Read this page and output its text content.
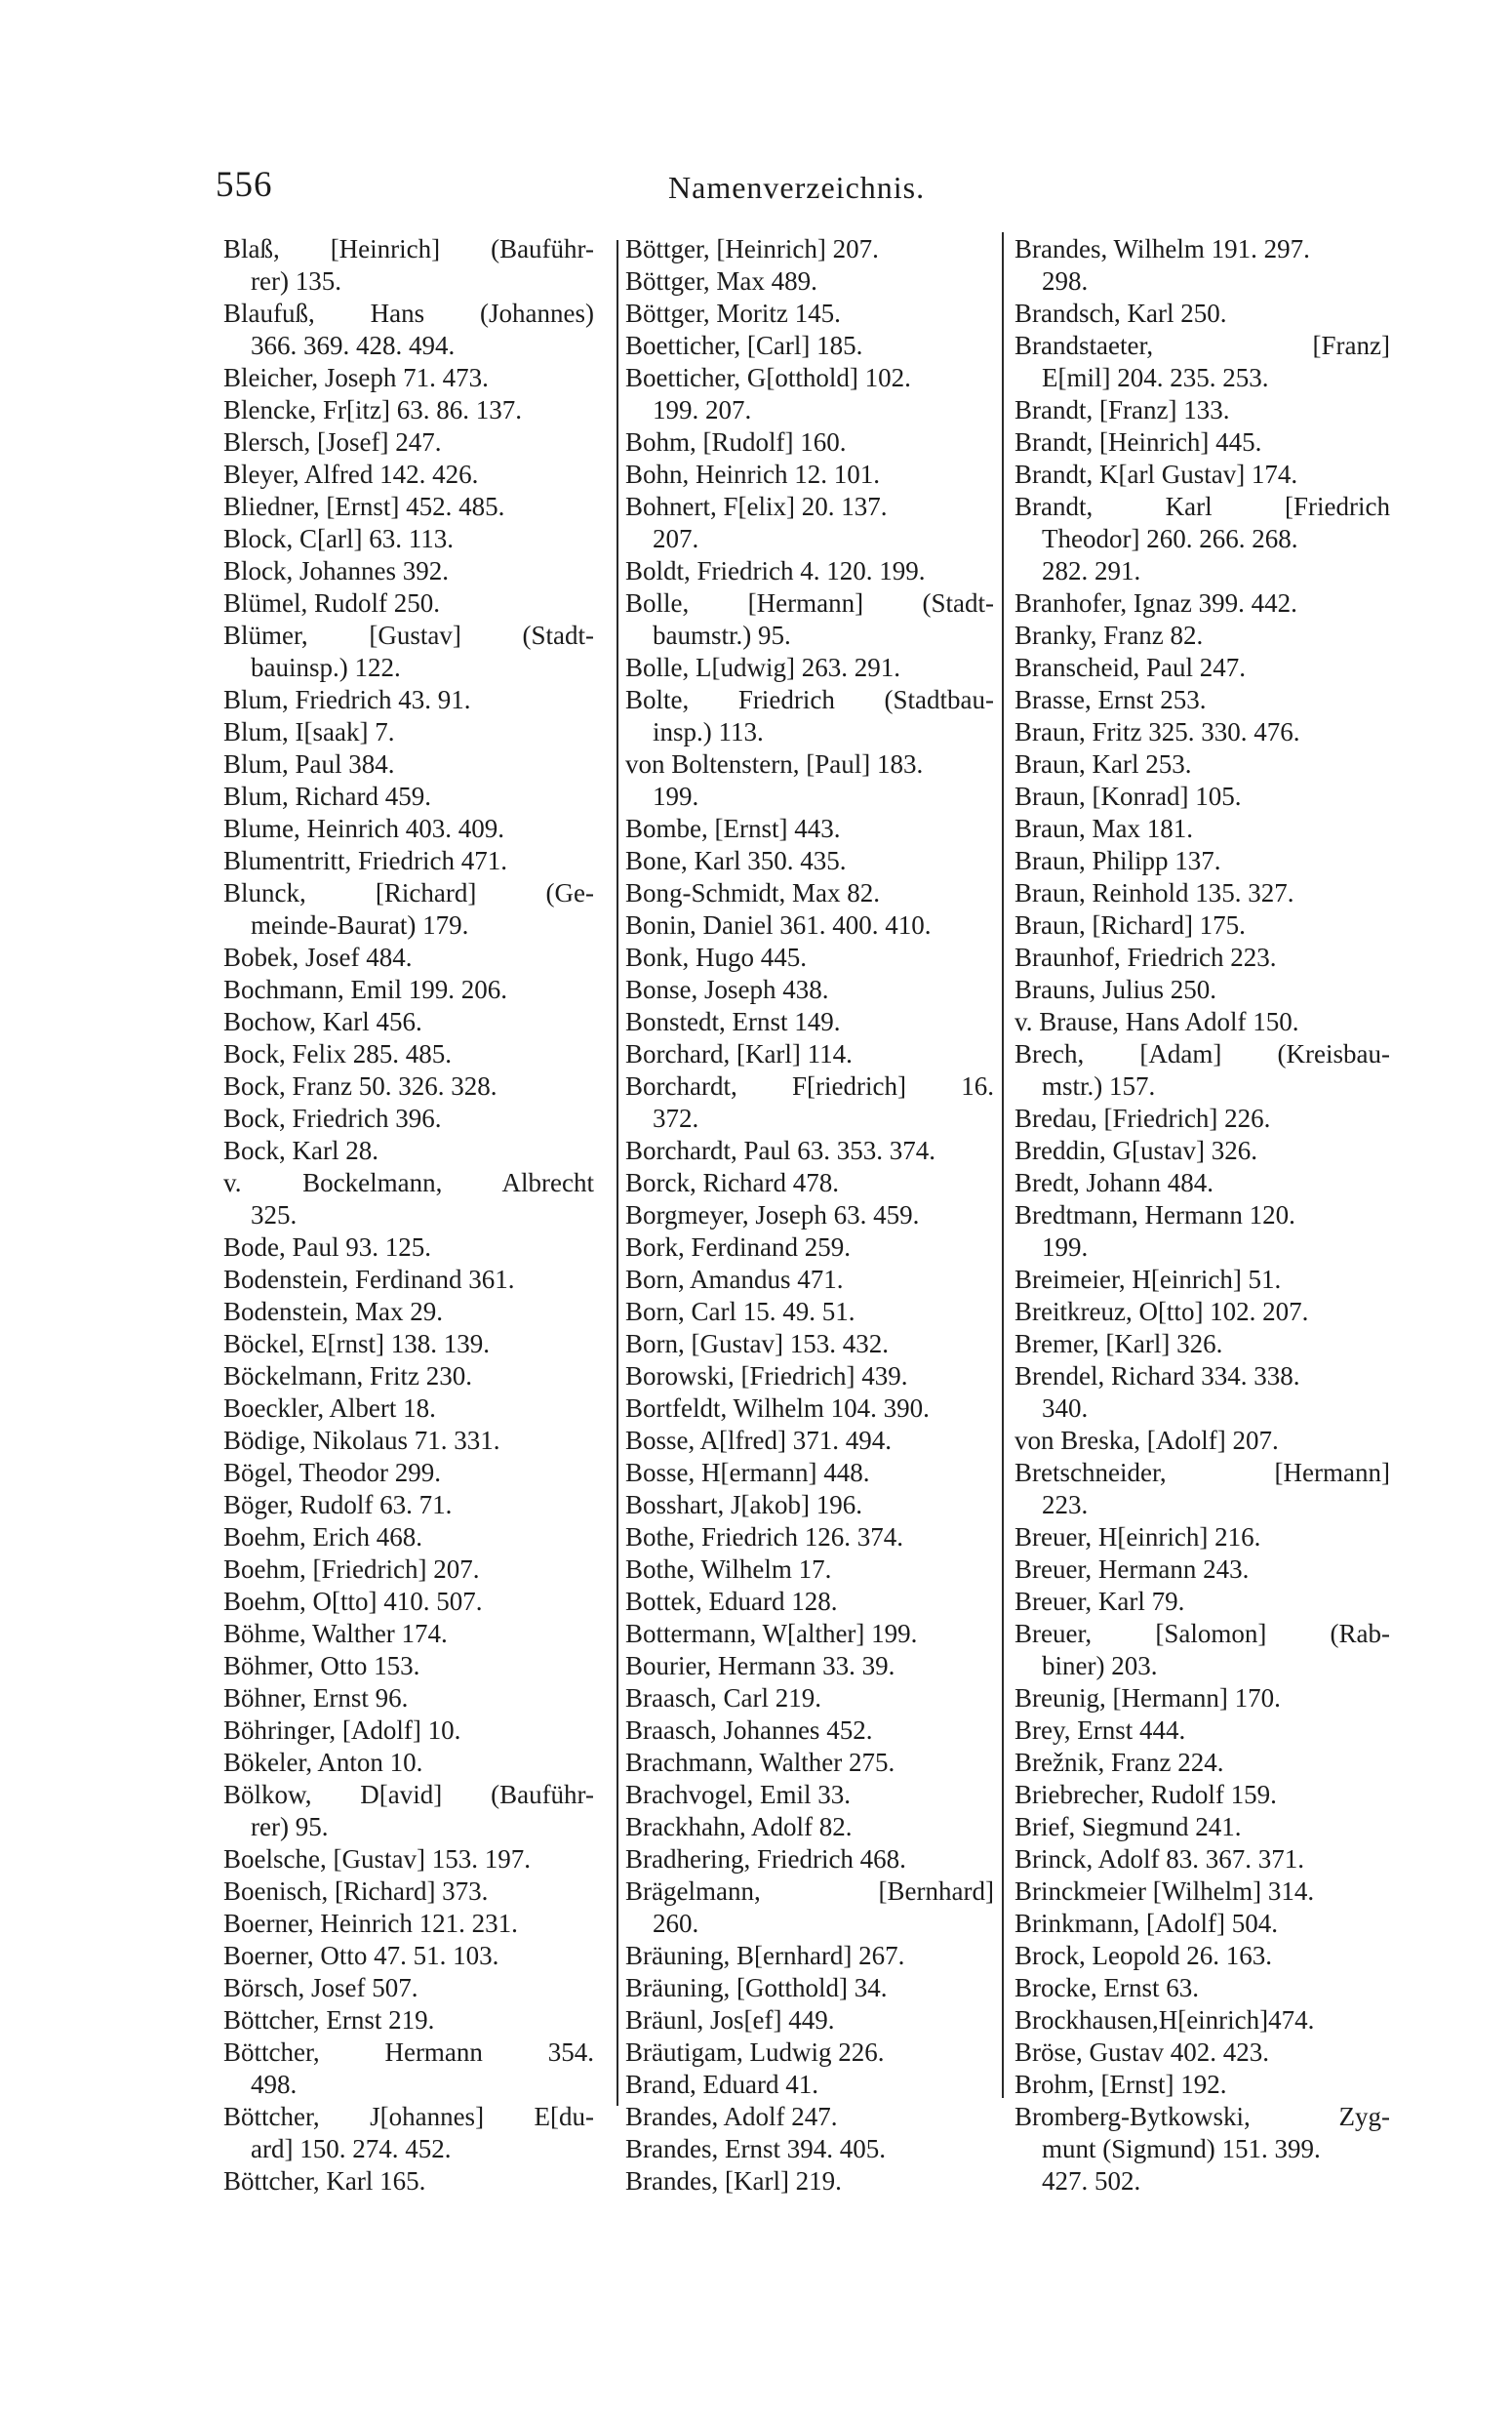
556	Namenverzeichnis.
Blaß, [Heinrich] (Bauführ-
rer) 135.
Blaufuß, Hans (Johannes)
366. 369. 428. 494.
Bleicher, Joseph 71. 473.
Blencke, Fr[itz] 63. 86. 137.
Blersch, [Josef] 247.
Bleyer, Alfred 142. 426.
Bliedner, [Ernst] 452. 485.
Block, C[arl] 63. 113.
Block, Johannes 392.
Blümel, Rudolf 250.
Blümer, [Gustav] (Stadt-
bauinsp.) 122.
Blum, Friedrich 43. 91.
Blum, I[saak] 7.
Blum, Paul 384.
Blum, Richard 459.
Blume, Heinrich 403. 409.
Blumentritt, Friedrich 471.
Blunck, [Richard] (Ge-
meinde-Baurat) 179.
Bobek, Josef 484.
Bochmann, Emil 199. 206.
Bochow, Karl 456.
Bock, Felix 285. 485.
Bock, Franz 50. 326. 328.
Bock, Friedrich 396.
Bock, Karl 28.
v. Bockelmann, Albrecht
325.
Bode, Paul 93. 125.
Bodenstein, Ferdinand 361.
Bodenstein, Max 29.
Böckel, E[rnst] 138. 139.
Böckelmann, Fritz 230.
Boeckler, Albert 18.
Bödige, Nikolaus 71. 331.
Bögel, Theodor 299.
Böger, Rudolf 63. 71.
Boehm, Erich 468.
Boehm, [Friedrich] 207.
Boehm, O[tto] 410. 507.
Böhme, Walther 174.
Böhmer, Otto 153.
Böhner, Ernst 96.
Böhringer, [Adolf] 10.
Bökeler, Anton 10.
Bölkow, D[avid] (Bauführ-
rer) 95.
Boelsche, [Gustav] 153. 197.
Boenisch, [Richard] 373.
Boerner, Heinrich 121. 231.
Boerner, Otto 47. 51. 103.
Börsch, Josef 507.
Böttcher, Ernst 219.
Böttcher, Hermann 354.
498.
Böttcher, J[ohannes] E[du-
ard] 150. 274. 452.
Böttcher, Karl 165.
Böttger, [Heinrich] 207.
Böttger, Max 489.
Böttger, Moritz 145.
Boetticher, [Carl] 185.
Boetticher, G[otthold] 102.
199. 207.
Bohm, [Rudolf] 160.
Bohn, Heinrich 12. 101.
Bohnert, F[elix] 20. 137.
207.
Boldt, Friedrich 4. 120. 199.
Bolle, [Hermann] (Stadt-
baumstr.) 95.
Bolle, L[udwig] 263. 291.
Bolte, Friedrich (Stadtbau-
insp.) 113.
von Boltenstern, [Paul] 183.
199.
Bombe, [Ernst] 443.
Bone, Karl 350. 435.
Bong-Schmidt, Max 82.
Bonin, Daniel 361. 400. 410.
Bonk, Hugo 445.
Bonse, Joseph 438.
Bonstedt, Ernst 149.
Borchard, [Karl] 114.
Borchardt, F[riedrich] 16.
372.
Borchardt, Paul 63. 353. 374.
Borck, Richard 478.
Borgmeyer, Joseph 63. 459.
Bork, Ferdinand 259.
Born, Amandus 471.
Born, Carl 15. 49. 51.
Born, [Gustav] 153. 432.
Borowski, [Friedrich] 439.
Bortfeldt, Wilhelm 104. 390.
Bosse, A[lfred] 371. 494.
Bosse, H[ermann] 448.
Bosshart, J[akob] 196.
Bothe, Friedrich 126. 374.
Bothe, Wilhelm 17.
Bottek, Eduard 128.
Bottermann, W[alther] 199.
Bourier, Hermann 33. 39.
Braasch, Carl 219.
Braasch, Johannes 452.
Brachmann, Walther 275.
Brachvogel, Emil 33.
Brackhahn, Adolf 82.
Bradhering, Friedrich 468.
Brägelmann, [Bernhard]
260.
Bräuning, B[ernhard] 267.
Bräuning, [Gotthold] 34.
Bräunl, Jos[ef] 449.
Bräutigam, Ludwig 226.
Brand, Eduard 41.
Brandes, Adolf 247.
Brandes, Ernst 394. 405.
Brandes, [Karl] 219.
Brandes, Wilhelm 191. 297.
298.
Brandsch, Karl 250.
Brandstaeter, [Franz]
E[mil] 204. 235. 253.
Brandt, [Franz] 133.
Brandt, [Heinrich] 445.
Brandt, K[arl Gustav] 174.
Brandt, Karl [Friedrich
Theodor] 260. 266. 268.
282. 291.
Branhofer, Ignaz 399. 442.
Branky, Franz 82.
Branscheid, Paul 247.
Brasse, Ernst 253.
Braun, Fritz 325. 330. 476.
Braun, Karl 253.
Braun, [Konrad] 105.
Braun, Max 181.
Braun, Philipp 137.
Braun, Reinhold 135. 327.
Braun, [Richard] 175.
Braunhof, Friedrich 223.
Brauns, Julius 250.
v. Brause, Hans Adolf 150.
Brech, [Adam] (Kreisbau-
mstr.) 157.
Bredau, [Friedrich] 226.
Breddin, G[ustav] 326.
Bredt, Johann 484.
Bredtmann, Hermann 120.
199.
Breimeier, H[einrich] 51.
Breitkreuz, O[tto] 102. 207.
Bremer, [Karl] 326.
Brendel, Richard 334. 338.
340.
von Breska, [Adolf] 207.
Bretschneider, [Hermann]
223.
Breuer, H[einrich] 216.
Breuer, Hermann 243.
Breuer, Karl 79.
Breuer, [Salomon] (Rab-
biner) 203.
Breunig, [Hermann] 170.
Brey, Ernst 444.
Brežnik, Franz 224.
Briebrecher, Rudolf 159.
Brief, Siegmund 241.
Brinck, Adolf 83. 367. 371.
Brinckmeier [Wilhelm] 314.
Brinkmann, [Adolf] 504.
Brock, Leopold 26. 163.
Brocke, Ernst 63.
Brockhausen,H[einrich]474.
Bröse, Gustav 402. 423.
Brohm, [Ernst] 192.
Bromberg-Bytkowski, Zyg-
munt (Sigmund) 151. 399.
427. 502.
